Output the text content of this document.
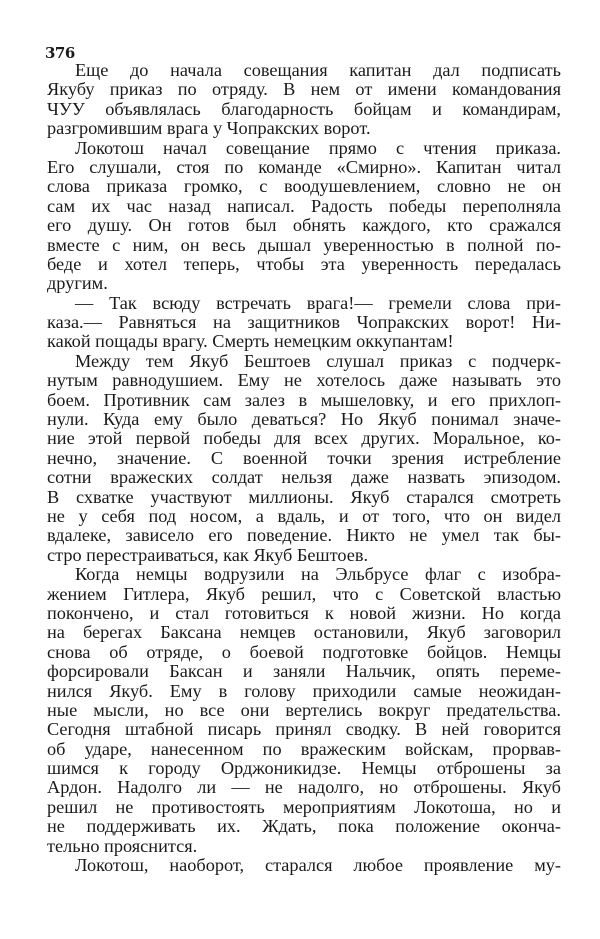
376
Еще до начала совещания капитан дал подписать
Якубу приказ по отряду. В нем от имени командования
ЧУУ объявлялась благодарность бойцам и командирам,
разгромившим врага у Чопракских ворот.
Локотош начал совещание прямо с чтения приказа.
Его слушали, стоя по команде «Смирно». Капитан читал
слова приказа громко, с воодушевлением, словно не он
сам их час назад написал. Радость победы переполняла
его душу. Он готов был обнять каждого, кто сражался
вместе с ним, он весь дышал уверенностью в полной по-
беде и хотел теперь, чтобы эта уверенность передалась
другим.
— Так всюду встречать врага!— гремели слова при-
каза.— Равняться на защитников Чопракских ворот! Ни-
какой пощады врагу. Смерть немецким оккупантам!
Между тем Якуб Бештоев слушал приказ с подчерк-
нутым равнодушием. Ему не хотелось даже называть это
боем. Противник сам залез в мышеловку, и его прихлоп-
нули. Куда ему было деваться? Но Якуб понимал значе-
ние этой первой победы для всех других. Моральное, ко-
нечно, значение. С военной точки зрения истребление
сотни вражеских солдат нельзя даже назвать эпизодом.
В схватке участвуют миллионы. Якуб старался смотреть
не у себя под носом, а вдаль, и от того, что он видел
вдалеке, зависело его поведение. Никто не умел так бы-
стро перестраиваться, как Якуб Бештоев.
Когда немцы водрузили на Эльбрусе флаг с изобра-
жением Гитлера, Якуб решил, что с Советской властью
покончено, и стал готовиться к новой жизни. Но когда
на берегах Баксана немцев остановили, Якуб заговорил
снова об отряде, о боевой подготовке бойцов. Немцы
форсировали Баксан и заняли Нальчик, опять переме-
нился Якуб. Ему в голову приходили самые неожидан-
ные мысли, но все они вертелись вокруг предательства.
Сегодня штабной писарь принял сводку. В ней говорится
об ударе, нанесенном по вражеским войскам, прорвав-
шимся к городу Орджоникидзе. Немцы отброшены за
Ардон. Надолго ли — не надолго, но отброшены. Якуб
решил не противостоять мероприятиям Локотоша, но и
не поддерживать их. Ждать, пока положение оконча-
тельно прояснится.
Локотош, наоборот, старался любое проявление му-
